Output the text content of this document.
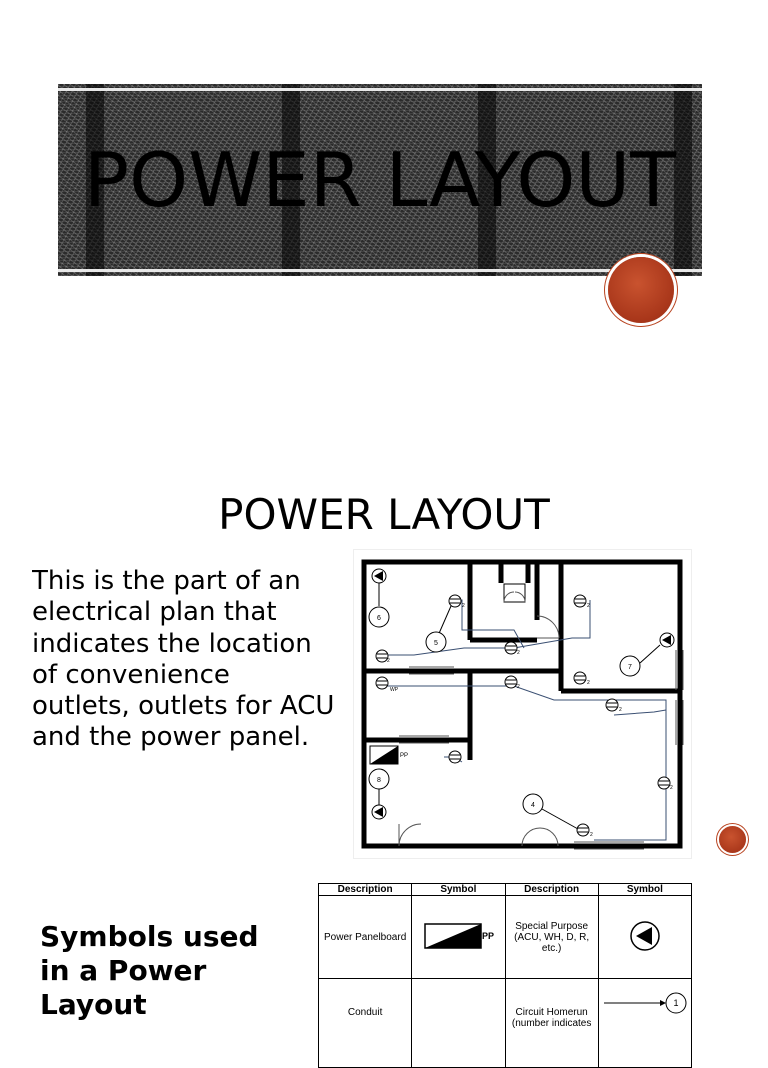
POWER LAYOUT
POWER LAYOUT
This is the part of an
electrical plan that
indicates the location
of convenience
outlets, outlets for ACU
and the power panel.
PP
6
5
7
8
4
2	2
2
2
2
2
2
2
2
WP
Symbols used
in a Power
Layout
Description	Symbol	Description	Symbol
Power Panelboard	PP	Special Purpose (ACU, WH, D, R, etc.)	
Conduit		Circuit Homerun (number indicates	1
